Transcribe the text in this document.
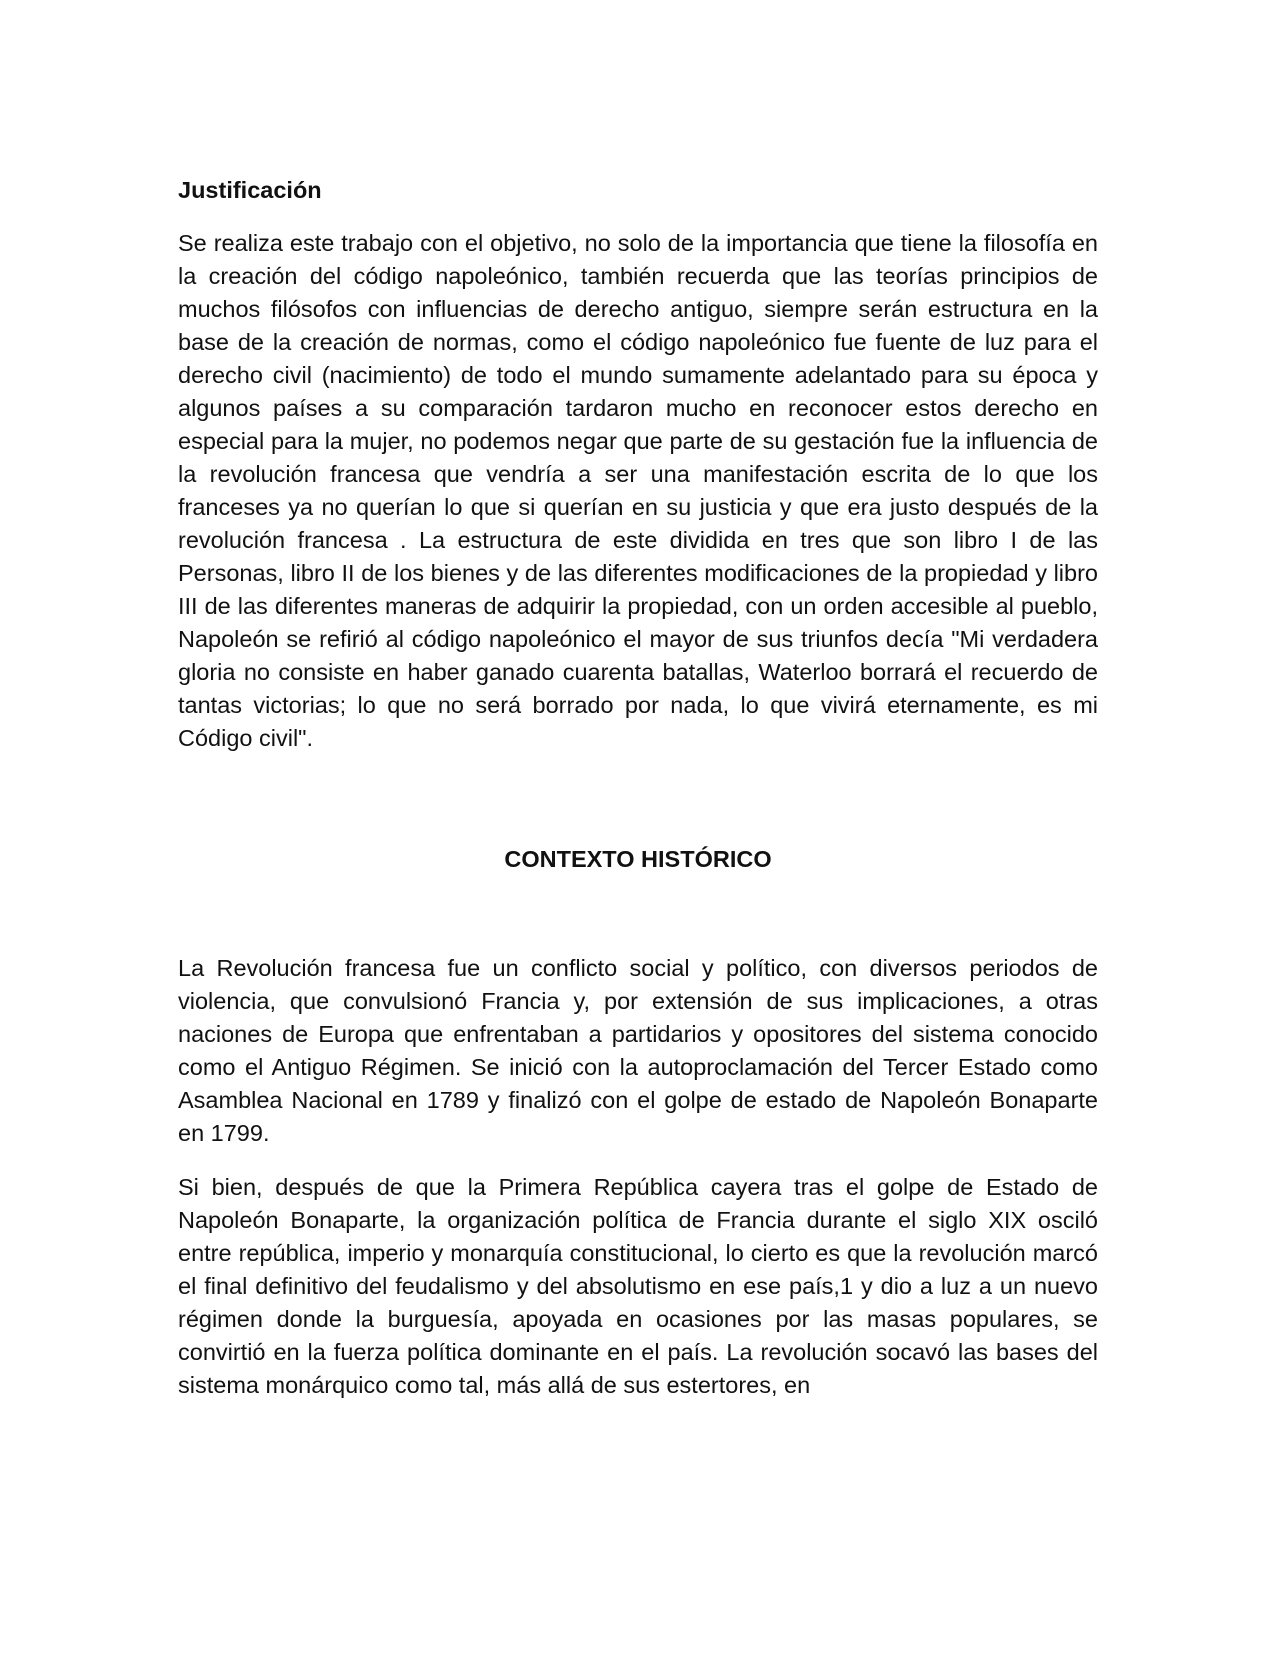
Justificación

Se realiza este trabajo con el objetivo, no solo de la importancia que tiene la filosofía en la creación del código napoleónico, también recuerda que las teorías principios de muchos filósofos con influencias de derecho antiguo, siempre serán estructura en la base de la creación de normas, como el código napoleónico fue fuente de luz para el derecho civil (nacimiento) de todo el mundo sumamente adelantado para su época y algunos países a su comparación tardaron mucho en reconocer estos derecho en especial para la mujer, no podemos negar que parte de su gestación fue la influencia de la revolución francesa que vendría a ser una manifestación escrita de lo que los franceses ya no querían lo que si querían en su justicia y que era justo después de la revolución francesa . La estructura de este dividida en tres que son libro I de las Personas, libro II de los bienes y de las diferentes modificaciones de la propiedad y libro III de las diferentes maneras de adquirir la propiedad, con un orden accesible al pueblo, Napoleón se refirió al código napoleónico el mayor de sus triunfos decía "Mi verdadera gloria no consiste en haber ganado cuarenta batallas, Waterloo borrará el recuerdo de tantas victorias; lo que no será borrado por nada, lo que vivirá eternamente, es mi Código civil".

CONTEXTO HISTÓRICO

La Revolución francesa fue un conflicto social y político, con diversos periodos de violencia, que convulsionó Francia y, por extensión de sus implicaciones, a otras naciones de Europa que enfrentaban a partidarios y opositores del sistema conocido como el Antiguo Régimen. Se inició con la autoproclamación del Tercer Estado como Asamblea Nacional en 1789 y finalizó con el golpe de estado de Napoleón Bonaparte en 1799.

Si bien, después de que la Primera República cayera tras el golpe de Estado de Napoleón Bonaparte, la organización política de Francia durante el siglo XIX osciló entre república, imperio y monarquía constitucional, lo cierto es que la revolución marcó el final definitivo del feudalismo y del absolutismo en ese país,1 y dio a luz a un nuevo régimen donde la burguesía, apoyada en ocasiones por las masas populares, se convirtió en la fuerza política dominante en el país. La revolución socavó las bases del sistema monárquico como tal, más allá de sus estertores, en
